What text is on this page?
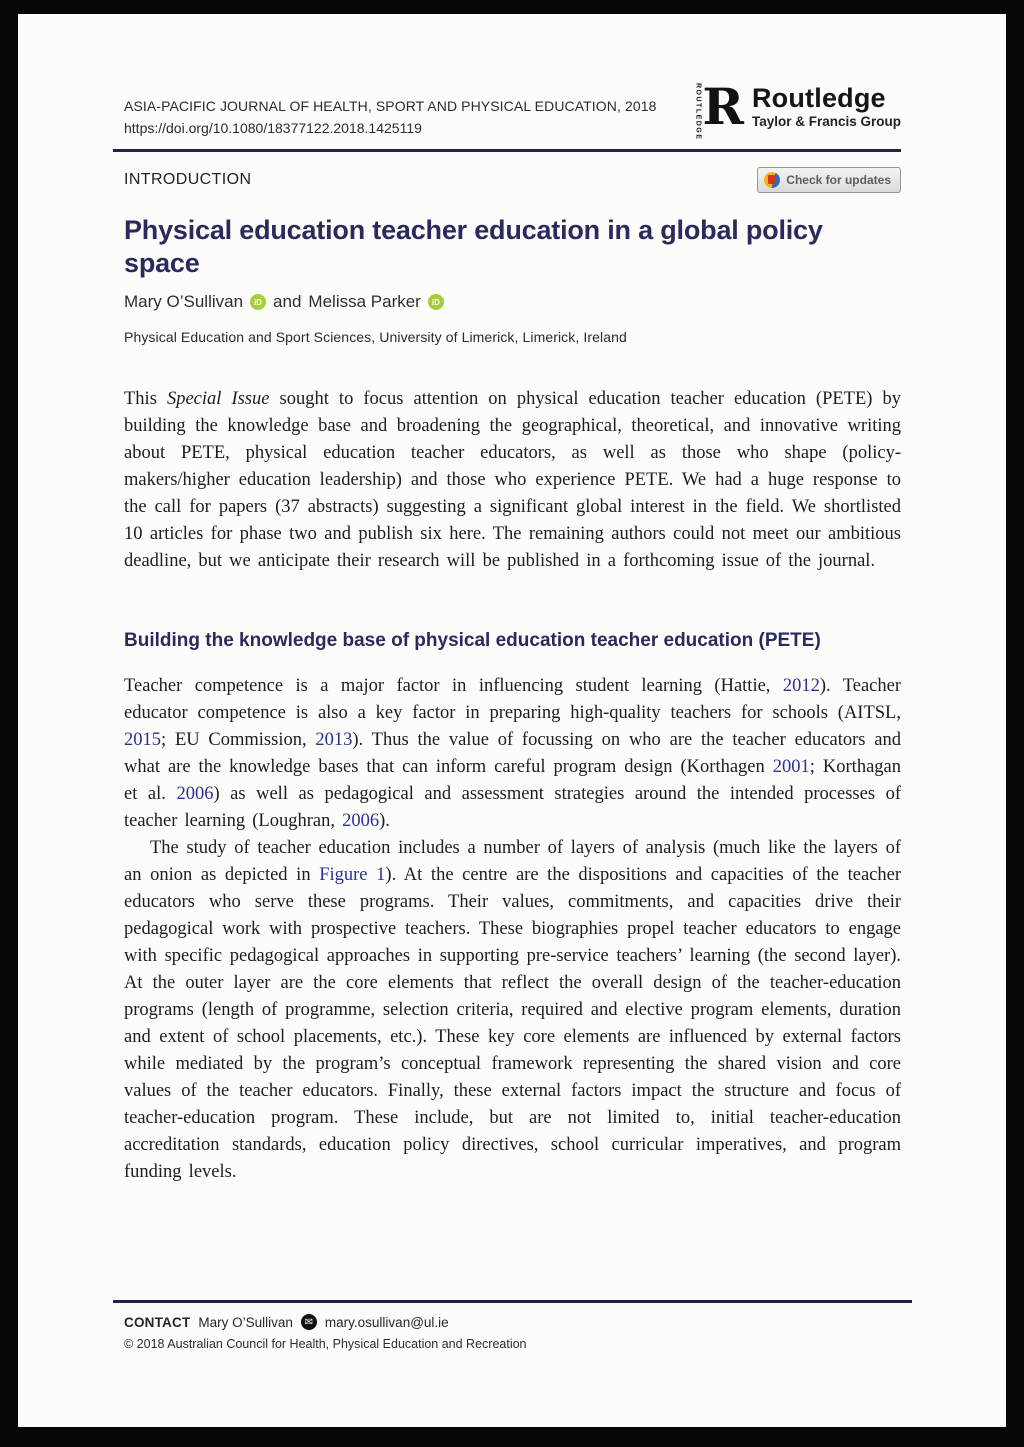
ASIA-PACIFIC JOURNAL OF HEALTH, SPORT AND PHYSICAL EDUCATION, 2018
https://doi.org/10.1080/18377122.2018.1425119	ROUTLEDGE R Routledge
Taylor & Francis Group
INTRODUCTION	Check for updates
Physical education teacher education in a global policy space
Mary O’Sullivan	iD and Melissa Parker	iD
Physical Education and Sport Sciences, University of Limerick, Limerick, Ireland

This Special Issue sought to focus attention on physical education teacher education (PETE) by building the knowledge base and broadening the geographical, theoretical, and innovative writing about PETE, physical education teacher educators, as well as those who shape (policy-makers/higher education leadership) and those who experience PETE. We had a huge response to the call for papers (37 abstracts) suggesting a significant global interest in the field. We shortlisted 10 articles for phase two and publish six here. The remaining authors could not meet our ambitious deadline, but we anticipate their research will be published in a forthcoming issue of the journal.

Building the knowledge base of physical education teacher education (PETE)

Teacher competence is a major factor in influencing student learning (Hattie, 2012). Teacher educator competence is also a key factor in preparing high-quality teachers for schools (AITSL, 2015; EU Commission, 2013). Thus the value of focussing on who are the teacher educators and what are the knowledge bases that can inform careful program design (Korthagen 2001; Korthagan et al. 2006) as well as pedagogical and assessment strategies around the intended processes of teacher learning (Loughran, 2006).

The study of teacher education includes a number of layers of analysis (much like the layers of an onion as depicted in Figure 1). At the centre are the dispositions and capacities of the teacher educators who serve these programs. Their values, commitments, and capacities drive their pedagogical work with prospective teachers. These biographies propel teacher educators to engage with specific pedagogical approaches in supporting pre-service teachers’ learning (the second layer). At the outer layer are the core elements that reflect the overall design of the teacher-education programs (length of programme, selection criteria, required and elective program elements, duration and extent of school placements, etc.). These key core elements are influenced by external factors while mediated by the program’s conceptual framework representing the shared vision and core values of the teacher educators. Finally, these external factors impact the structure and focus of teacher-education program. These include, but are not limited to, initial teacher-education accreditation standards, education policy directives, school curricular imperatives, and program funding levels.

CONTACT Mary O’Sullivan	✉ mary.osullivan@ul.ie
© 2018 Australian Council for Health, Physical Education and Recreation
